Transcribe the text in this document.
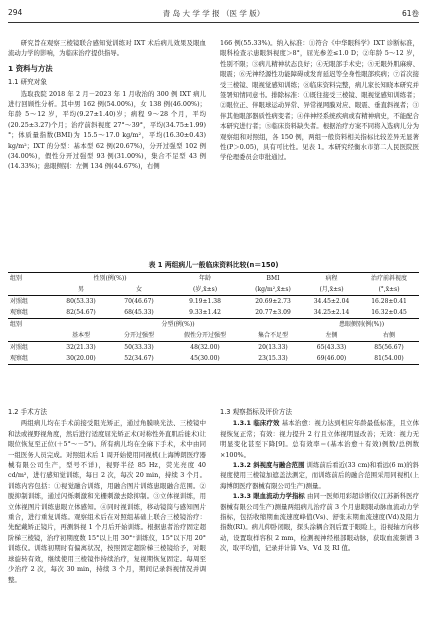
294	青 岛 大 学 学 报 （医 学 版）	61卷

研究旨在观察三棱镜联合感知觉训练对 IXT 术后病儿效果及眼血流动力学的影响，为临床治疗提供指导。

1 资料与方法
1.1 研究对象

选取我院 2018 年 2 月－2023 年 1 月收治的 300 例 IXT 病儿进行回顾性分析。其中男 162 例(54.00%)，女 138 例(46.00%)；年龄 5～12 岁，平均(9.27±1.40)岁；病程 9～28 个月，平均(20.25±3.27)个月；治疗前斜视度 27°～39°，平均(34.75±1.99)°；体质量指数(BMI)为 15.5～17.0 kg/m²，平均(16.30±0.43) kg/m²；IXT 的分型：基本型 62 例(20.67%)，分开过强型 102 例(34.00%)，假性分开过强型 93 例(31.00%)，集合不足型 43 例(14.33%)；患眼侧别：左侧 134 例(44.67%)，右侧

166 例(55.33%)。纳入标准：①符合《中华眼科学》IXT 诊断标准，眼科检查示患眼斜视度＞8°，屈光参差≤1.0 D；②年龄 5～12 岁，性别不限；③病儿精神状态良好；④无眼部手术史；⑤无眼外肌麻痹、眼震；⑥无神经源性功能障碍或发育延迟等全身性眼部疾病；⑦首次接受三棱镜、眼视觉感知训练；⑧临床资料完整，病儿家长知晓本研究并签署知情同意书。排除标准：①既往接受三棱镜、眼视觉感知训练者；②眼位正、伴眼球运动异常、异常视网膜对应、眼震、垂直斜视者；③伴其他眼部器质性病变者；④伴神经系统疾病或有精神病史，不能配合本研究进行者；⑤临床资料缺失者。根据治疗方案不同将入选病儿分为观察组和对照组，各 150 例，两组一般资料相关指标比较差异无显著性(P＞0.05)，具有可比性。见表 1。本研究经衡水市第二人民医院医学伦理委员会审批通过。

表 1 两组病儿一般临床资料比较(n＝150)
组别	性别(例(%))		年龄	BMI	病程	治疗前斜视度
	男	女	(岁,x̄±s)	(kg/m²,x̄±s)	(月,x̄±s)	(°,x̄±s)
对照组	80(53.33)	70(46.67)	9.19±1.38	20.69±2.73	34.45±2.04	16.28±0.41
观察组	82(54.67)	68(45.33)	9.33±1.42	20.77±3.09	34.25±2.14	16.32±0.45
组别	分型(例(%))				患眼侧别(例(%))	
	基本型	分开过强型	假性分开过强型	集合不足型	左侧	右侧
对照组	32(21.33)	50(33.33)	48(32.00)	20(13.33)	65(43.33)	85(56.67)
观察组	30(20.00)	52(34.67)	45(30.00)	23(15.33)	69(46.00)	81(54.00)
1.2 手术方法

两组病儿均在手术前接受阻光矫正，通过角膜映光法、三棱镜中和法或视野视角度，然后进行适度屈光矫正术(对称性外直肌后徙术)让眼位恢复至正位(＋5°～－5°)。所有病儿均在全麻下手术，术中由同一组医务人员完成。对照组术后 1 周开始使用同视机(上海博朗医疗器械有限公司生产，型号不详)，视野半径 85 Hz，荧光亮度 40 cd/m²，进行感知觉训练，每日 2 次，每次 20 min，持续 3 个月。训练内容包括：①视觉融合训练，用融合图片训练患眼融合范围。②脱抑制训练，通过闪烁刺激和光栅刺激去除抑制。③立体视训练，用立体视图片训练患眼立体感知。④同时视训练，移动镜筒与感知图片重合，进行重复训练。观察组术后在对照组基础上联合三棱镜治疗：先配戴矫正镜片，再测斜视 1 个月后开始训练。根据患者治疗固定超阶梯三棱镜，治疗初期度数 15°以上用 30°⁺训练仪，15°以下用 20°训练仪。训练初期时有偏离状况，按照固定超阶梯三棱镜给予，对眼球旋转有效，继续使用三棱镜作持续治疗，复视期恢复固定。每周至少治疗 2 次，每次 30 min，持续 3 个月，期间记录斜视情况并调整。

1.3 观察指标及评价方法

1.3.1 临床疗效 基本治愈：视力达到相应年龄最低标准，且立体视恢复正常；有效：视力提升 2 行且立体视明显改善；无效：视力无明显变化甚至下降[9]。总有效率＝(基本治愈＋有效)例数/总例数×100%。

1.3.2 斜视度与融合范围 训练前后看近(33 cm)和看远(6 m)的斜视度使用三棱镜加遮盖法测定，而训练前后的融合范围采用同视机(上海博朗医疗器械有限公司生产)测量。

1.3.3 眼血流动力学指标 由同一医师用彩超诊断仪(江苏新科医疗器械有限公司生产)测量两组病儿治疗前 3 个月患眼眼动脉血流动力学指标，包括收缩期血流速度峰值(Vs)、舒张末期血流速度(Vd)及阻力指数(RI)。病儿仰卧闭眼，探头涂耦合剂后置于眼睑上，沿视轴方向移动，设置取样容积 2 mm，检测视神经根部眼动脉，获取血流频谱 3 次，取平均值，记录并计算 Vs、Vd 及 RI 值。
